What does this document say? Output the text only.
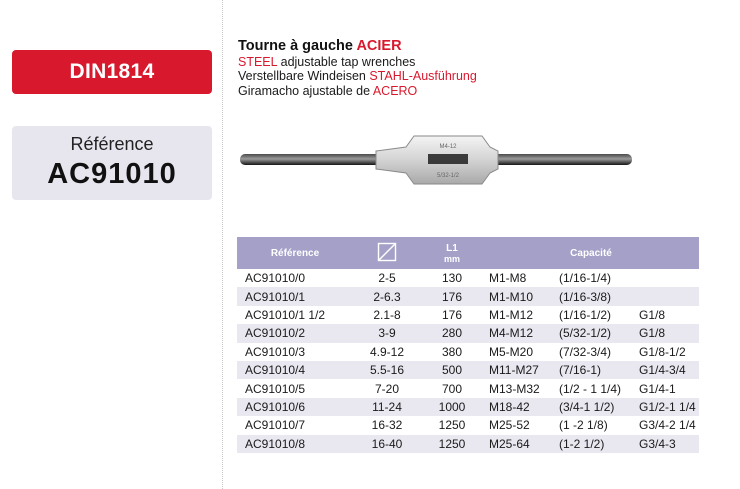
DIN1814
Référence
AC91010
Tourne à gauche ACIER
STEEL adjustable tap wrenches
Verstellbare Windeisen STAHL-Ausführung
Giramacho ajustable de ACERO
M4-12
5/32-1/2
Référence		L1
mm	Capacité		
AC91010/0	2-5	130	M1-M8	(1/16-1/4)	
AC91010/1	2-6.3	176	M1-M10	(1/16-3/8)	
AC91010/1 1/2	2.1-8	176	M1-M12	(1/16-1/2)	G1/8
AC91010/2	3-9	280	M4-M12	(5/32-1/2)	G1/8
AC91010/3	4.9-12	380	M5-M20	(7/32-3/4)	G1/8-1/2
AC91010/4	5.5-16	500	M11-M27	(7/16-1)	G1/4-3/4
AC91010/5	7-20	700	M13-M32	(1/2 - 1 1/4)	G1/4-1
AC91010/6	11-24	1000	M18-42	(3/4-1 1/2)	G1/2-1 1/4
AC91010/7	16-32	1250	M25-52	(1 -2 1/8)	G3/4-2 1/4
AC91010/8	16-40	1250	M25-64	(1-2 1/2)	G3/4-3
